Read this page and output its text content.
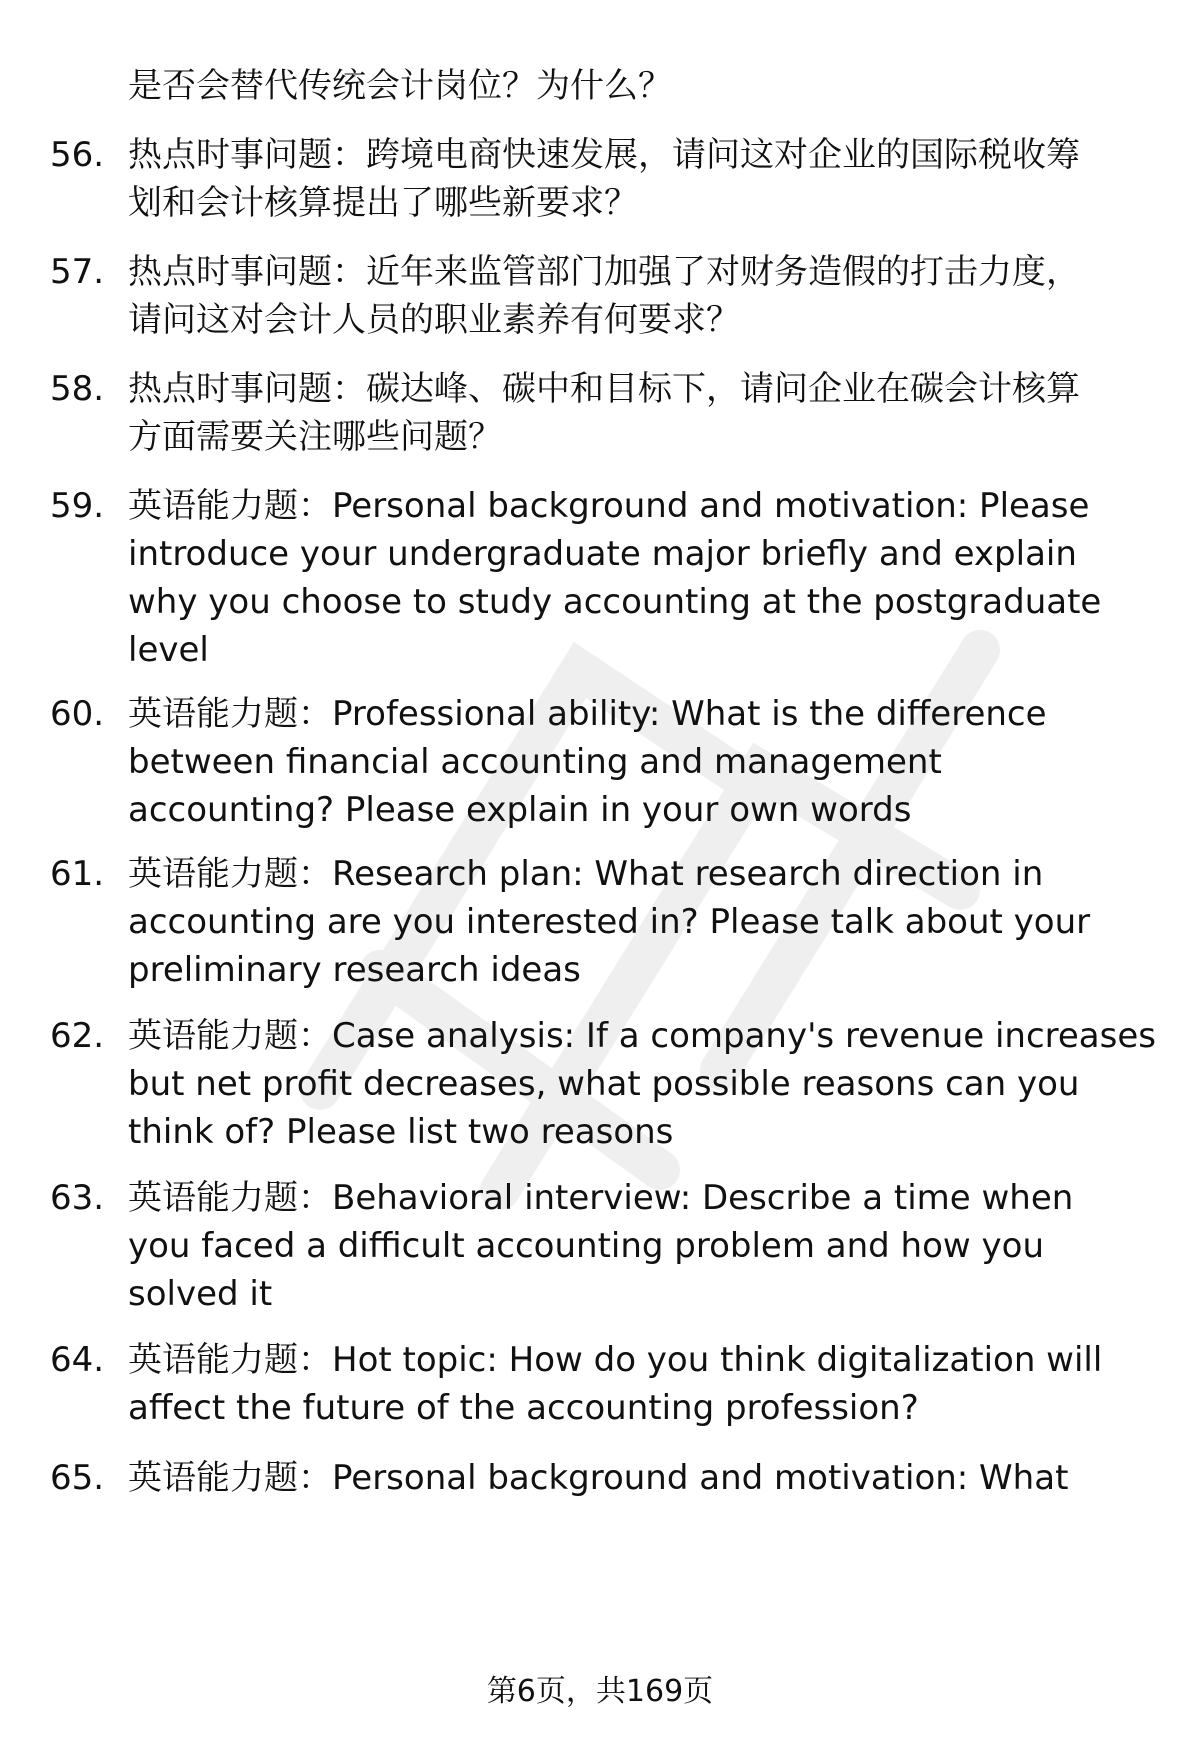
是否会替代传统会计岗位？为什么？

56. 热点时事问题：跨境电商快速发展，请问这对企业的国际税收筹
划和会计核算提出了哪些新要求？
57. 热点时事问题：近年来监管部门加强了对财务造假的打击力度，
请问这对会计人员的职业素养有何要求？
58. 热点时事问题：碳达峰、碳中和目标下，请问企业在碳会计核算
方面需要关注哪些问题？
59. 英语能力题：Personal background and motivation: Please
introduce your undergraduate major briefly and explain
why you choose to study accounting at the postgraduate
level
60. 英语能力题：Professional ability: What is the difference
between financial accounting and management
accounting? Please explain in your own words
61. 英语能力题：Research plan: What research direction in
accounting are you interested in? Please talk about your
preliminary research ideas
62. 英语能力题：Case analysis: If a company's revenue increases
but net profit decreases, what possible reasons can you
think of? Please list two reasons
63. 英语能力题：Behavioral interview: Describe a time when
you faced a difficult accounting problem and how you
solved it
64. 英语能力题：Hot topic: How do you think digitalization will
affect the future of the accounting profession?
65. 英语能力题：Personal background and motivation: What
第6页，共169页
